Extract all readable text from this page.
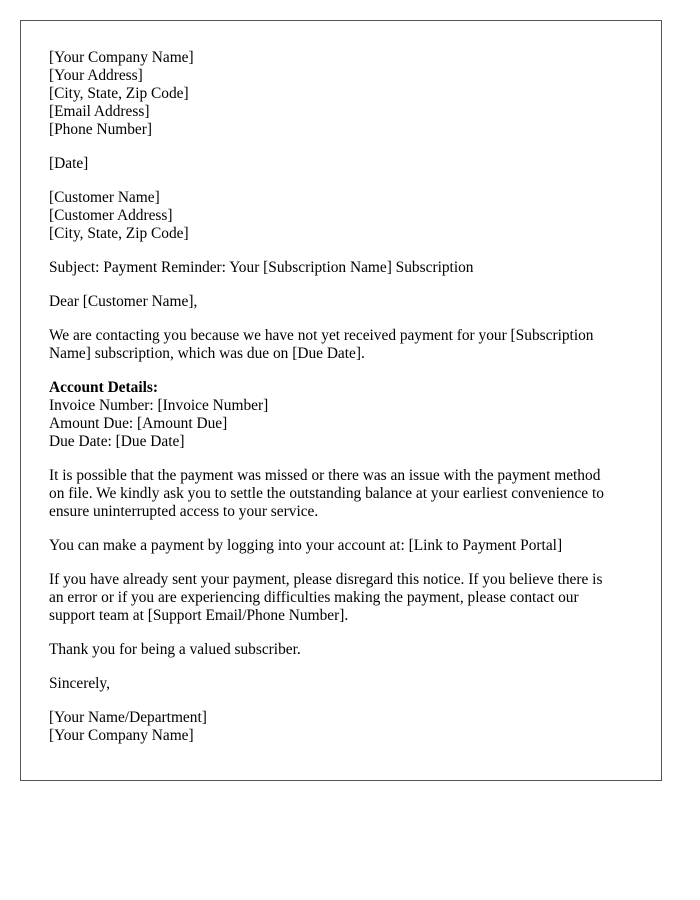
[Your Company Name]
[Your Address]
[City, State, Zip Code]
[Email Address]
[Phone Number]
[Date]
[Customer Name]
[Customer Address]
[City, State, Zip Code]
Subject: Payment Reminder: Your [Subscription Name] Subscription
Dear [Customer Name],
We are contacting you because we have not yet received payment for your [Subscription
Name] subscription, which was due on [Due Date].
Account Details:
Invoice Number: [Invoice Number]
Amount Due: [Amount Due]
Due Date: [Due Date]
It is possible that the payment was missed or there was an issue with the payment method
on file. We kindly ask you to settle the outstanding balance at your earliest convenience to
ensure uninterrupted access to your service.
You can make a payment by logging into your account at: [Link to Payment Portal]
If you have already sent your payment, please disregard this notice. If you believe there is
an error or if you are experiencing difficulties making the payment, please contact our
support team at [Support Email/Phone Number].
Thank you for being a valued subscriber.
Sincerely,
[Your Name/Department]
[Your Company Name]
